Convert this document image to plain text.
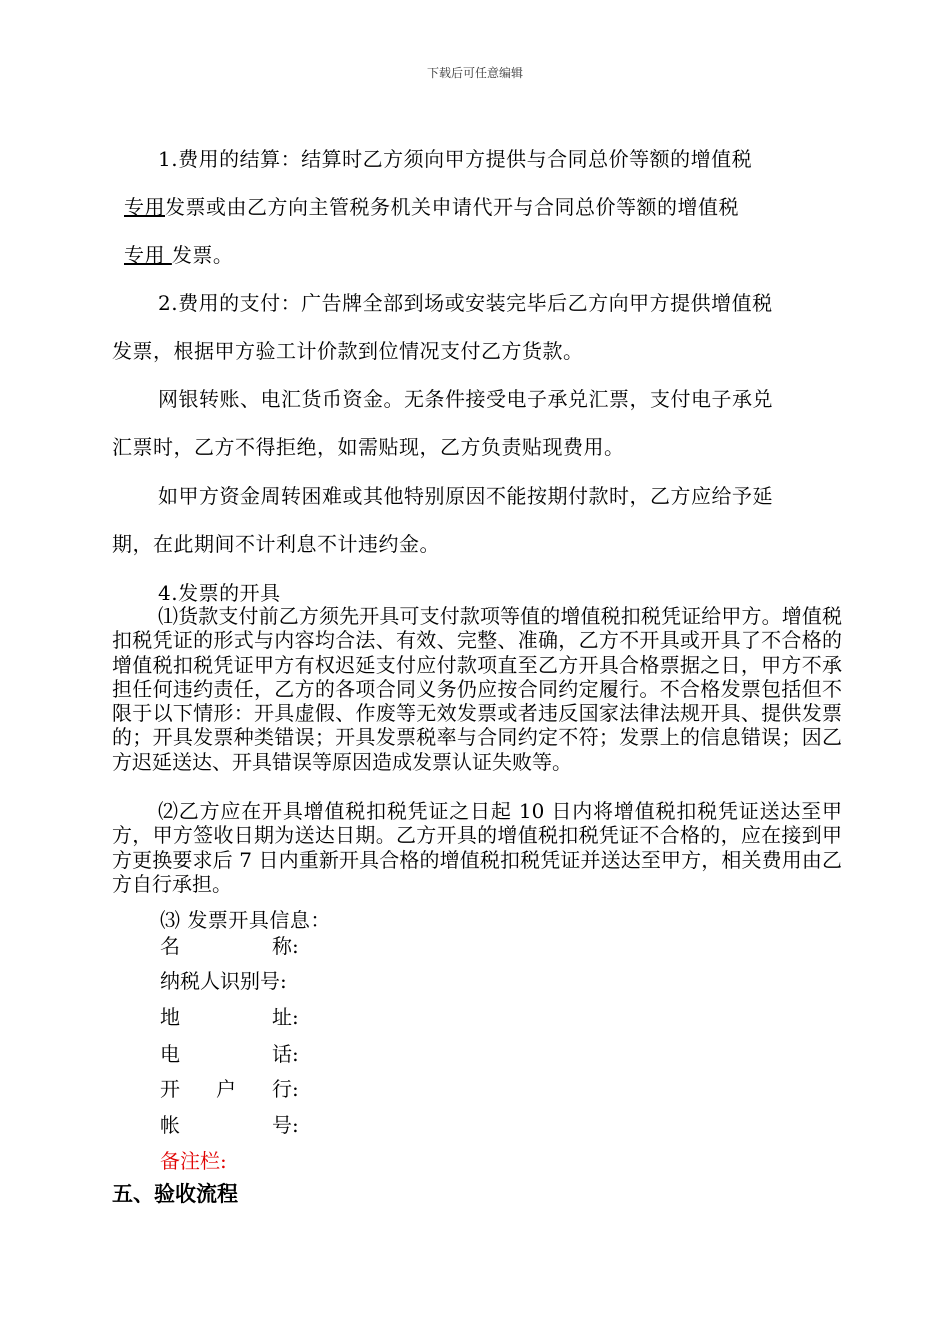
下载后可任意编辑
1.费用的结算：结算时乙方须向甲方提供与合同总价等额的增值税
专用发票或由乙方向主管税务机关申请代开与合同总价等额的增值税
专用 发票。
2.费用的支付：广告牌全部到场或安装完毕后乙方向甲方提供增值税
发票，根据甲方验工计价款到位情况支付乙方货款。
网银转账、电汇货币资金。无条件接受电子承兑汇票，支付电子承兑
汇票时，乙方不得拒绝，如需贴现，乙方负责贴现费用。
如甲方资金周转困难或其他特别原因不能按期付款时，乙方应给予延
期，在此期间不计利息不计违约金。
4.发票的开具
⑴货款支付前乙方须先开具可支付款项等值的增值税扣税凭证给甲方。增值税扣税凭证的形式与内容均合法、有效、完整、准确，乙方不开具或开具了不合格的增值税扣税凭证甲方有权迟延支付应付款项直至乙方开具合格票据之日，甲方不承担任何违约责任，乙方的各项合同义务仍应按合同约定履行。不合格发票包括但不限于以下情形：开具虚假、作废等无效发票或者违反国家法律法规开具、提供发票的；开具发票种类错误；开具发票税率与合同约定不符；发票上的信息错误；因乙方迟延送达、开具错误等原因造成发票认证失败等。
⑵乙方应在开具增值税扣税凭证之日起 10 日内将增值税扣税凭证送达至甲方，甲方签收日期为送达日期。乙方开具的增值税扣税凭证不合格的，应在接到甲方更换要求后 7 日内重新开具合格的增值税扣税凭证并送达至甲方，相关费用由乙方自行承担。
⑶ 发票开具信息：
名	称:
纳税人识别号:
地	址:
电	话:
开 户 行:
帐	号:
备注栏:
五、验收流程
